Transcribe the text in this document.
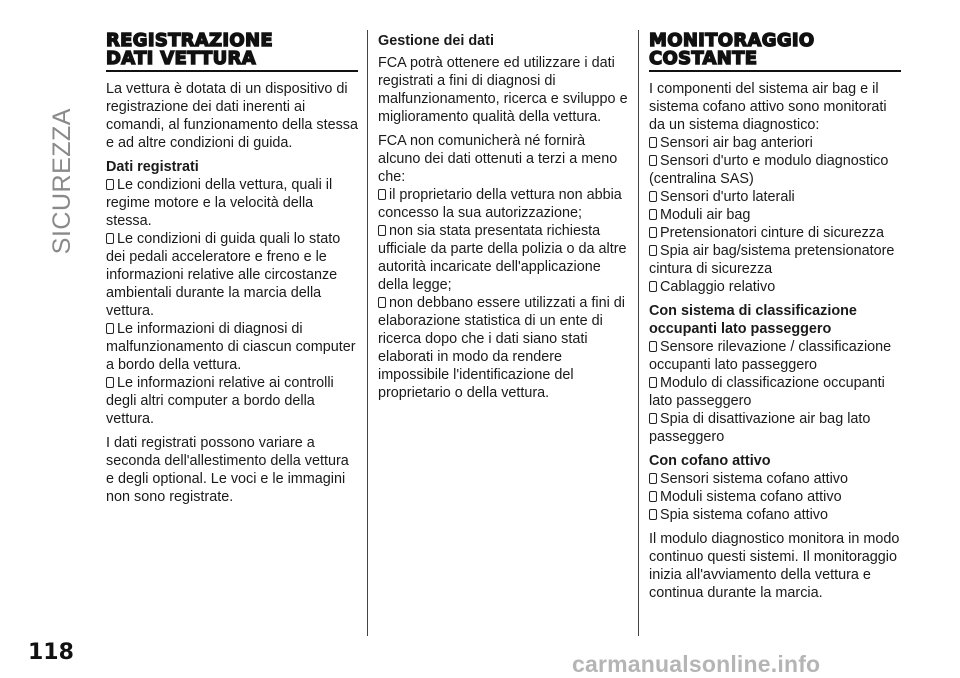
SICUREZZA
118	carmanualsonline.info
REGISTRAZIONE
DATI VETTURA

La vettura è dotata di un dispositivo di registrazione dei dati inerenti ai comandi, al funzionamento della stessa e ad altre condizioni di guida.

Dati registrati
Le condizioni della vettura, quali il regime motore e la velocità della stessa.
Le condizioni di guida quali lo stato dei pedali acceleratore e freno e le informazioni relative alle circostanze ambientali durante la marcia della vettura.
Le informazioni di diagnosi di malfunzionamento di ciascun computer a bordo della vettura.
Le informazioni relative ai controlli degli altri computer a bordo della vettura.

I dati registrati possono variare a seconda dell'allestimento della vettura e degli optional. Le voci e le immagini non sono registrate.

Gestione dei dati

FCA potrà ottenere ed utilizzare i dati registrati a fini di diagnosi di malfunzionamento, ricerca e sviluppo e miglioramento qualità della vettura.

FCA non comunicherà né fornirà alcuno dei dati ottenuti a terzi a meno che:

il proprietario della vettura non abbia concesso la sua autorizzazione;
non sia stata presentata richiesta ufficiale da parte della polizia o da altre autorità incaricate dell'applicazione della legge;
non debbano essere utilizzati a fini di elaborazione statistica di un ente di ricerca dopo che i dati siano stati elaborati in modo da rendere impossibile l'identificazione del proprietario o della vettura.
MONITORAGGIO
COSTANTE

I componenti del sistema air bag e il sistema cofano attivo sono monitorati da un sistema diagnostico:

Sensori air bag anteriori
Sensori d'urto e modulo diagnostico (centralina SAS)
Sensori d'urto laterali
Moduli air bag
Pretensionatori cinture di sicurezza
Spia air bag/sistema pretensionatore cintura di sicurezza
Cablaggio relativo
Con sistema di classificazione occupanti lato passeggero
Sensore rilevazione / classificazione occupanti lato passeggero
Modulo di classificazione occupanti lato passeggero
Spia di disattivazione air bag lato passeggero
Con cofano attivo
Sensori sistema cofano attivo
Moduli sistema cofano attivo
Spia sistema cofano attivo

Il modulo diagnostico monitora in modo continuo questi sistemi. Il monitoraggio inizia all'avviamento della vettura e continua durante la marcia.
